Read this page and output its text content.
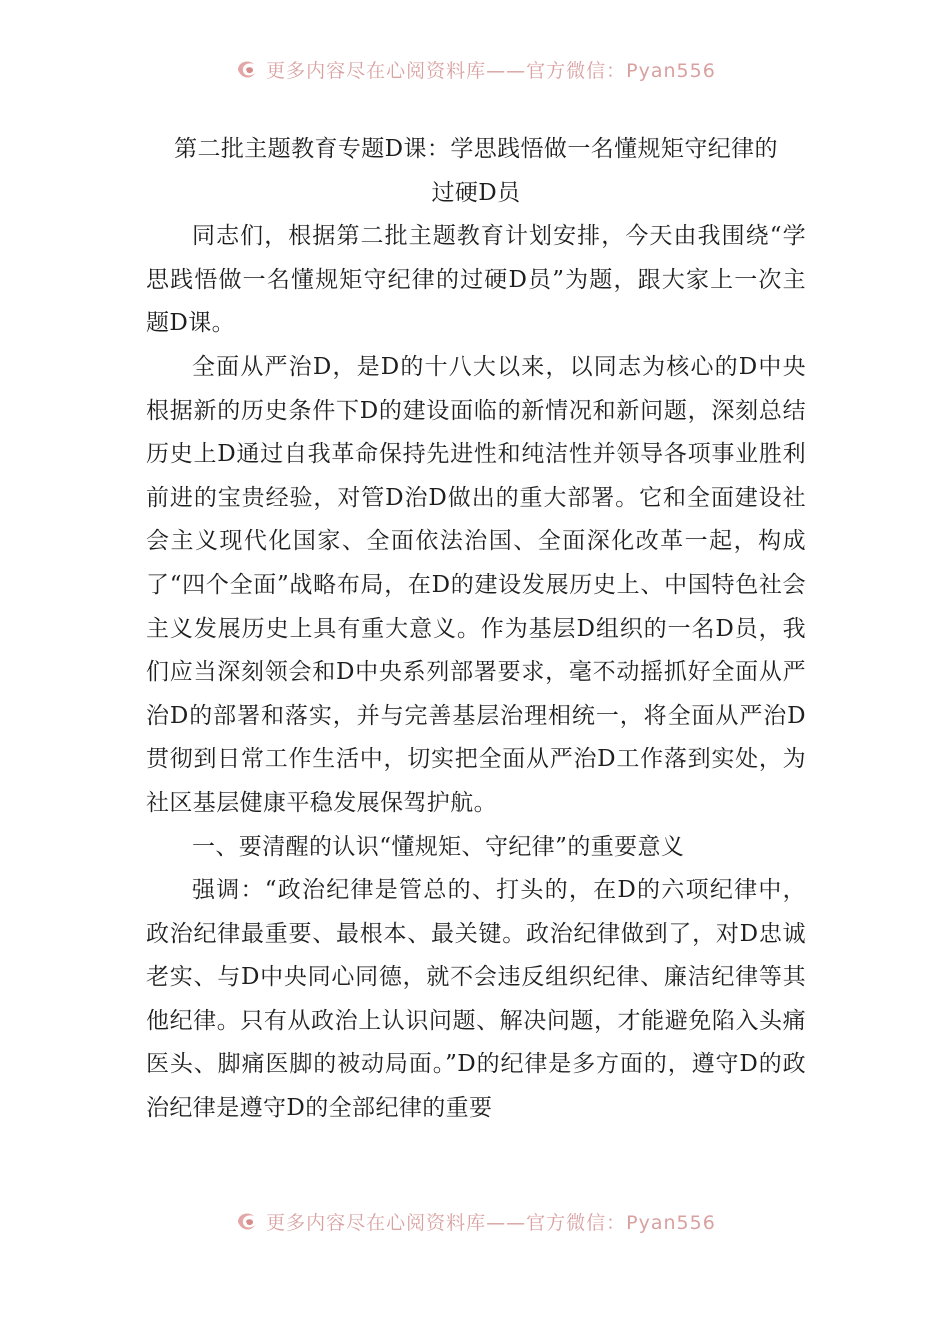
更多内容尽在心阅资料库——官方微信：Pyan556
第二批主题教育专题D课：学思践悟做一名懂规矩守纪律的
过硬D员

同志们，根据第二批主题教育计划安排，今天由我围绕“学思践悟做一名懂规矩守纪律的过硬D员”为题，跟大家上一次主题D课。

全面从严治D，是D的十八大以来，以同志为核心的D中央根据新的历史条件下D的建设面临的新情况和新问题，深刻总结历史上D通过自我革命保持先进性和纯洁性并领导各项事业胜利前进的宝贵经验，对管D治D做出的重大部署。它和全面建设社会主义现代化国家、全面依法治国、全面深化改革一起，构成了“四个全面”战略布局，在D的建设发展历史上、中国特色社会主义发展历史上具有重大意义。作为基层D组织的一名D员，我们应当深刻领会和D中央系列部署要求，毫不动摇抓好全面从严治D的部署和落实，并与完善基层治理相统一，将全面从严治D贯彻到日常工作生活中，切实把全面从严治D工作落到实处，为社区基层健康平稳发展保驾护航。

一、要清醒的认识“懂规矩、守纪律”的重要意义

强调：“政治纪律是管总的、打头的，在D的六项纪律中，政治纪律最重要、最根本、最关键。政治纪律做到了，对D忠诚老实、与D中央同心同德，就不会违反组织纪律、廉洁纪律等其他纪律。只有从政治上认识问题、解决问题，才能避免陷入头痛医头、脚痛医脚的被动局面。”D的纪律是多方面的，遵守D的政治纪律是遵守D的全部纪律的重要

更多内容尽在心阅资料库——官方微信：Pyan556
